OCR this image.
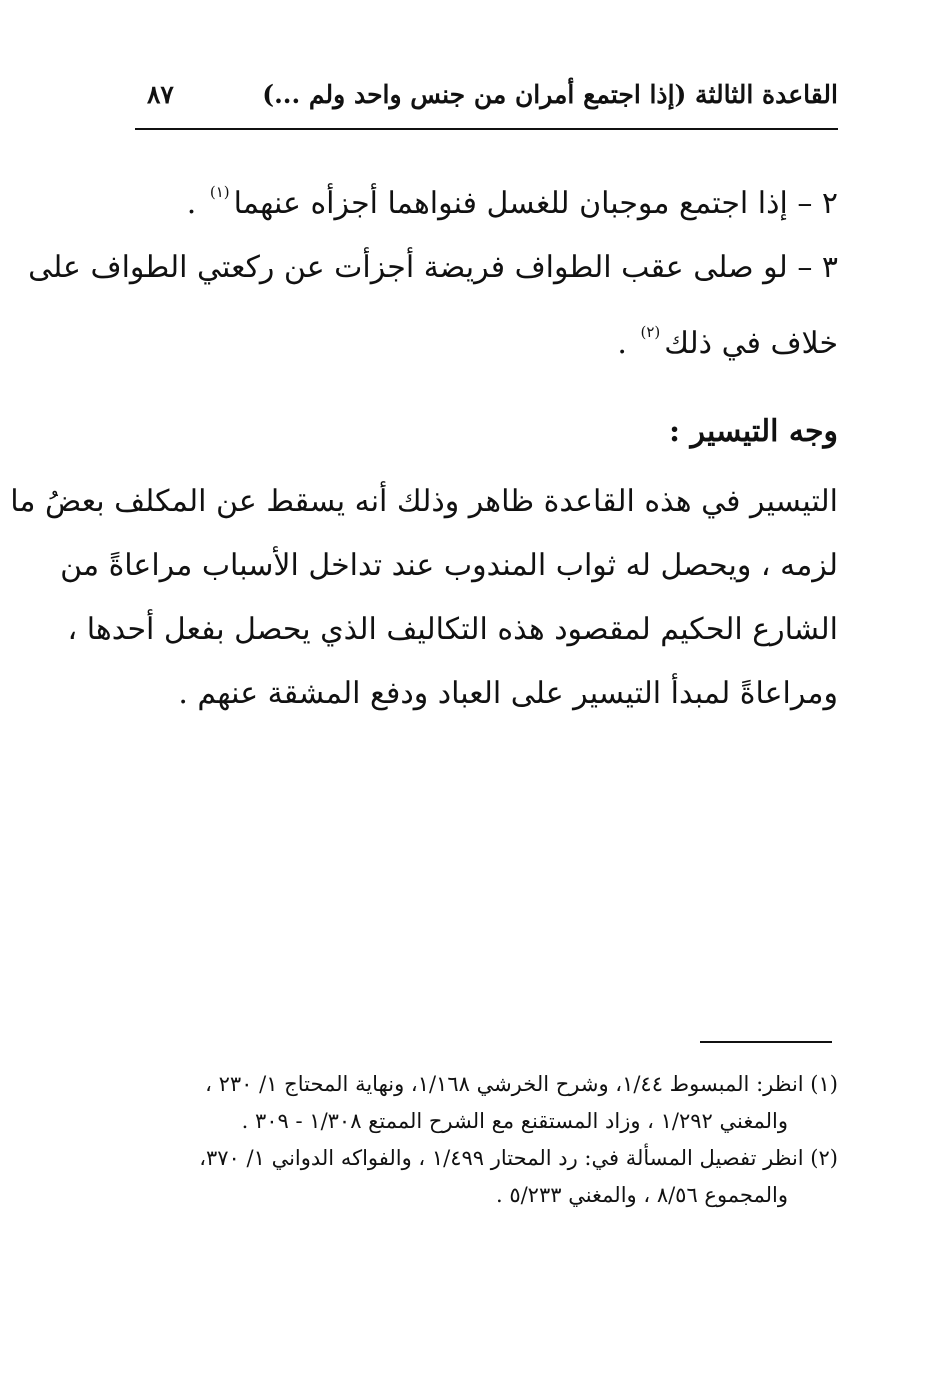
القاعدة الثالثة (إذا اجتمع أمران من جنس واحد ولم ...)
٨٧
٢ – إذا اجتمع موجبان للغسل فنواهما أجزأه عنهما$^{(١)}$ .
٣ – لو صلى عقب الطواف فريضة أجزأت عن ركعتي الطواف على
خلاف في ذلك$^{(٢)}$ .
وجه التيسير :
التيسير في هذه القاعدة ظاهر وذلك أنه يسقط عن المكلف بعضُ ما
لزمه ، ويحصل له ثواب المندوب عند تداخل الأسباب مراعاةً من
الشارع الحكيم لمقصود هذه التكاليف الذي يحصل بفعل أحدها ،
ومراعاةً لمبدأ التيسير على العباد ودفع المشقة عنهم .
(١) انظر: المبسوط ١/٤٤، وشرح الخرشي ١/١٦٨، ونهاية المحتاج ١/ ٢٣٠ ،
والمغني ١/٢٩٢ ، وزاد المستقنع مع الشرح الممتع ١/٣٠٨ - ٣٠٩ .
(٢) انظر تفصيل المسألة في: رد المحتار ١/٤٩٩ ، والفواكه الدواني ١/ ٣٧٠،
والمجموع ٨/٥٦ ، والمغني ٥/٢٣٣ .
